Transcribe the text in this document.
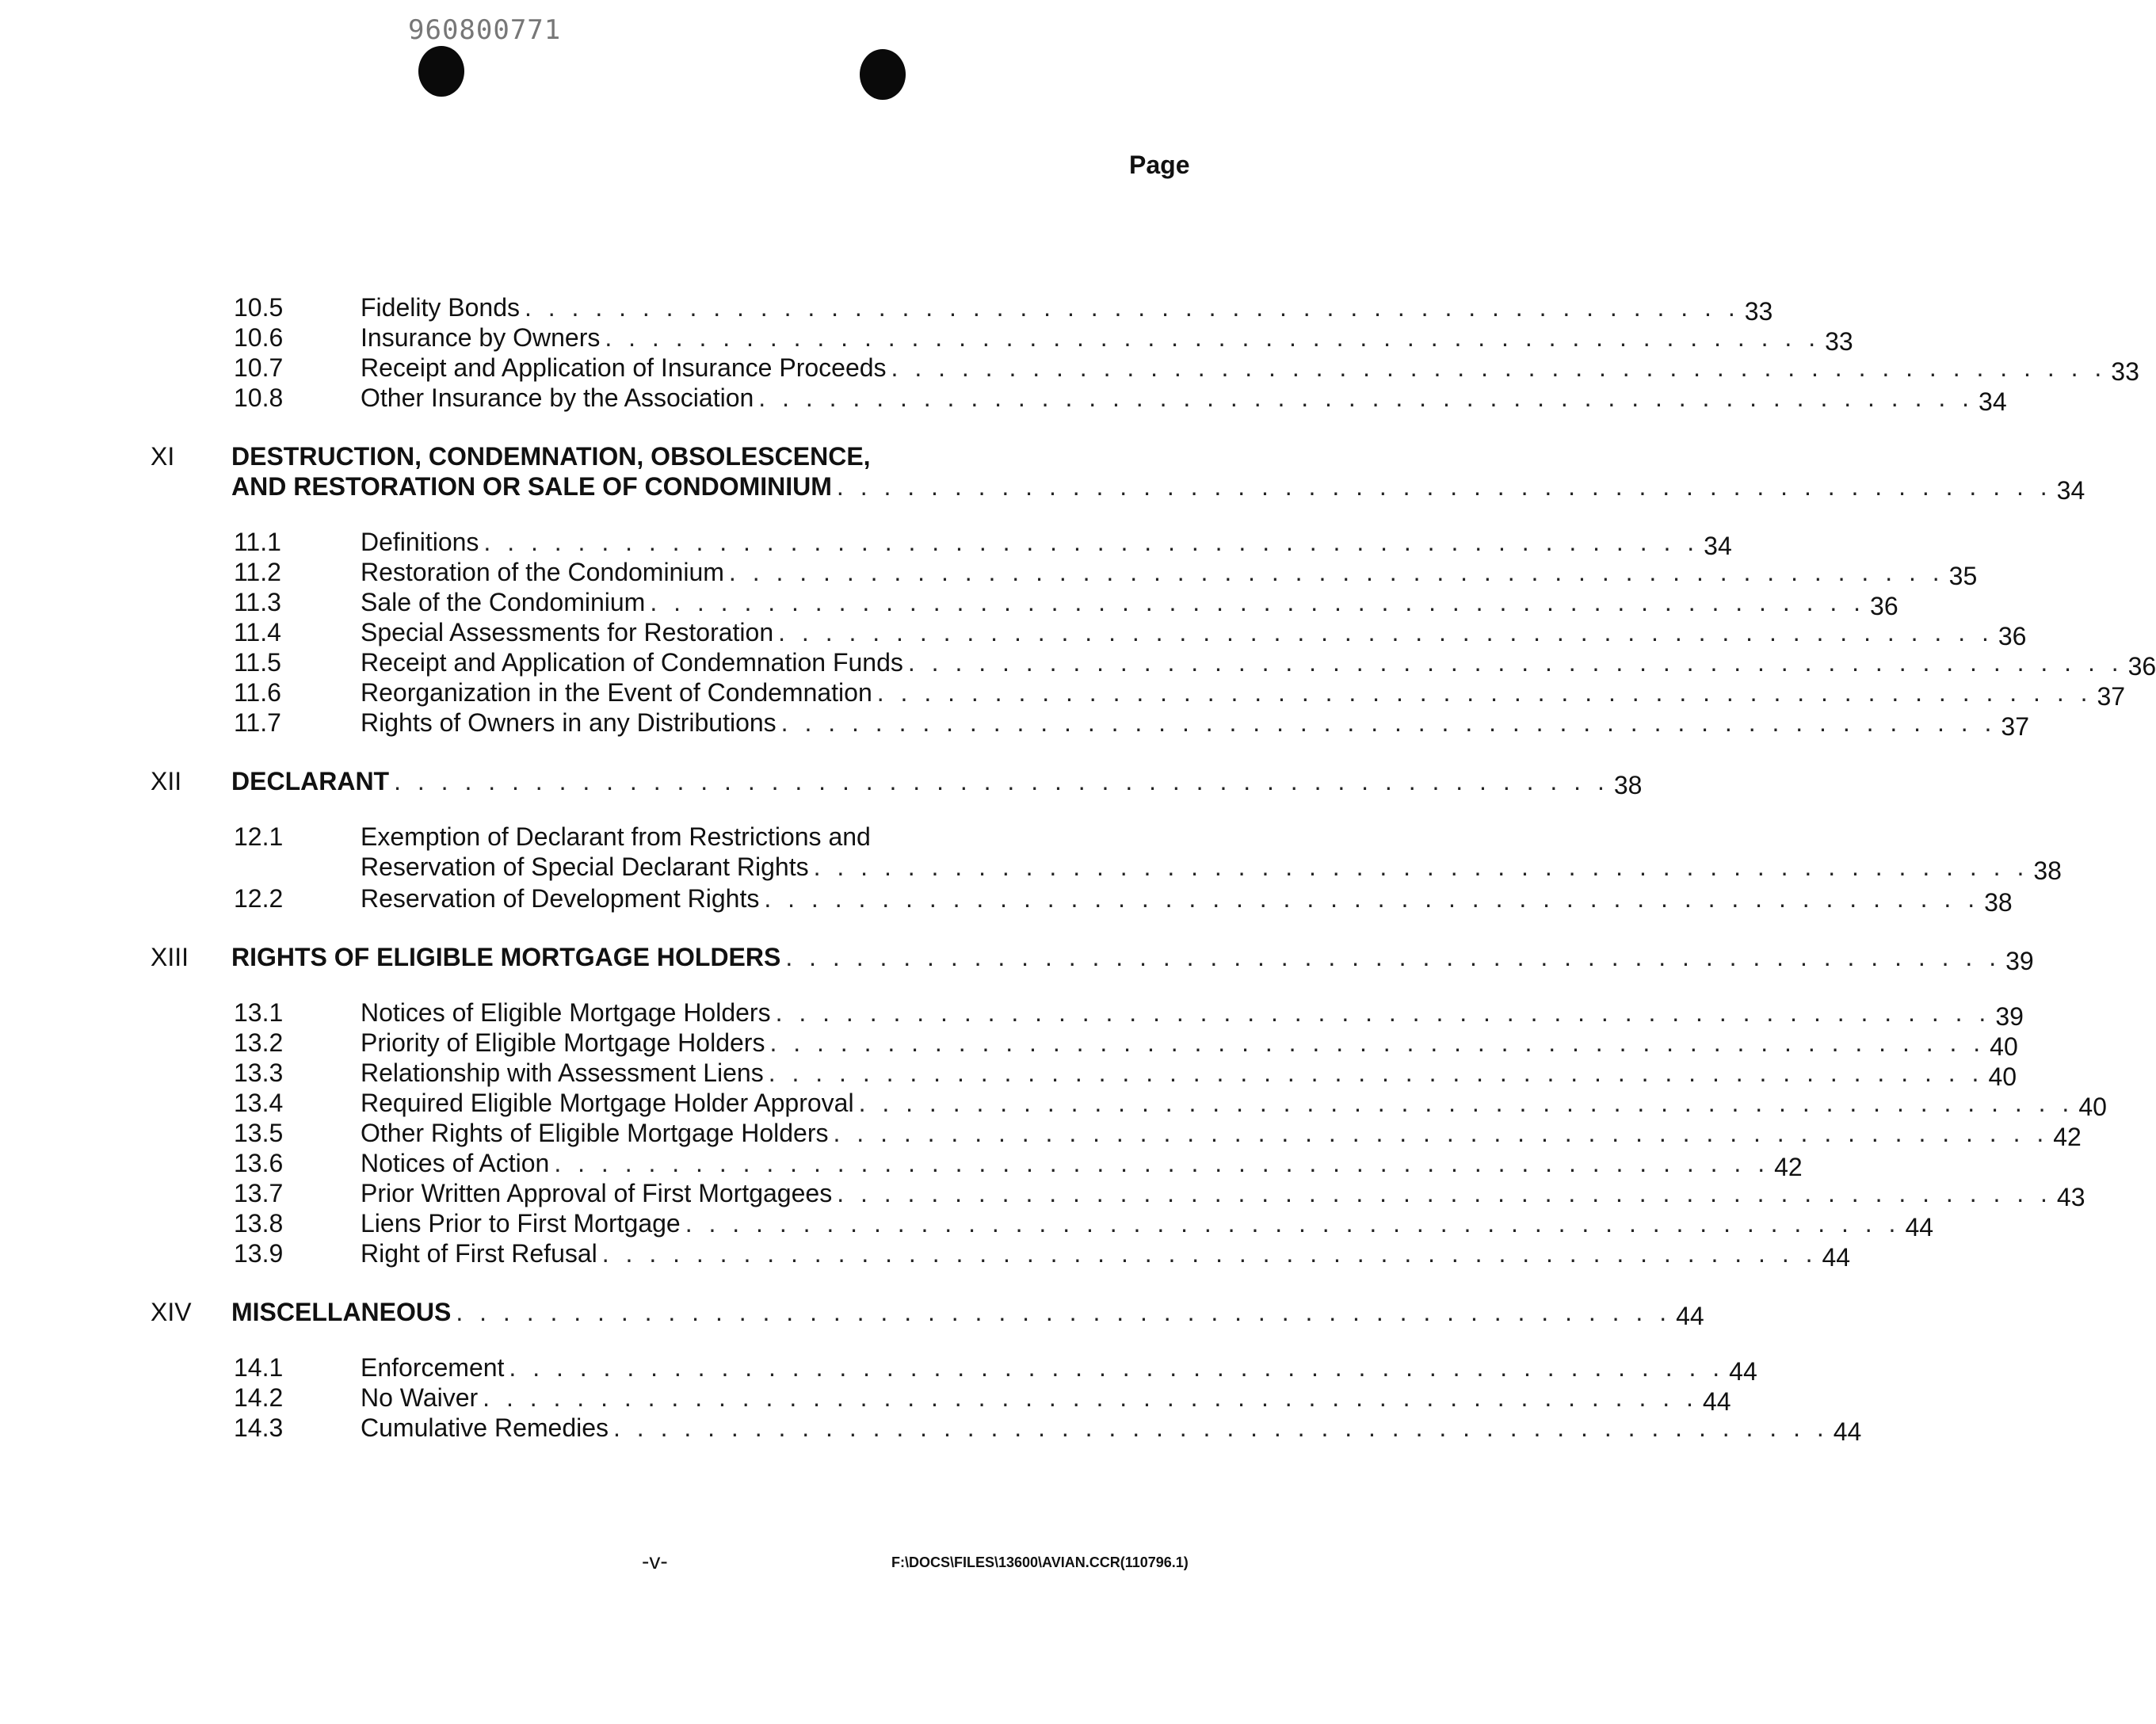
960800771
Page
10.5	Fidelity Bonds . . . . . . . . . . . . . . . . . . . . . . . . . . . . . . . . . . . . . . . . . . . . . . . . . . . . 33
10.6	Insurance by Owners . . . . . . . . . . . . . . . . . . . . . . . . . . . . . . . . . . . . . . . . . . . . . . . . . . . . 33
10.7	Receipt and Application of Insurance Proceeds . . . . . . . . . . . . . . . . . . . . . . . . . . . . . . . . . . . . . . . . . . . . . . . . . . . . 33
10.8	Other Insurance by the Association . . . . . . . . . . . . . . . . . . . . . . . . . . . . . . . . . . . . . . . . . . . . . . . . . . . . 34
XI DESTRUCTION, CONDEMNATION, OBSOLESCENCE,
AND RESTORATION OR SALE OF CONDOMINIUM . . . . . . . . . . . . . . . . . . . . . . . . . . . . . . . . . . . . . . . . . . . . . . . . . . . . 34
11.1	Definitions . . . . . . . . . . . . . . . . . . . . . . . . . . . . . . . . . . . . . . . . . . . . . . . . . . . . 34
11.2	Restoration of the Condominium . . . . . . . . . . . . . . . . . . . . . . . . . . . . . . . . . . . . . . . . . . . . . . . . . . . . 35
11.3	Sale of the Condominium . . . . . . . . . . . . . . . . . . . . . . . . . . . . . . . . . . . . . . . . . . . . . . . . . . . . 36
11.4	Special Assessments for Restoration . . . . . . . . . . . . . . . . . . . . . . . . . . . . . . . . . . . . . . . . . . . . . . . . . . . . 36
11.5	Receipt and Application of Condemnation Funds . . . . . . . . . . . . . . . . . . . . . . . . . . . . . . . . . . . . . . . . . . . . . . . . . . . . 36
11.6	Reorganization in the Event of Condemnation . . . . . . . . . . . . . . . . . . . . . . . . . . . . . . . . . . . . . . . . . . . . . . . . . . . . 37
11.7	Rights of Owners in any Distributions . . . . . . . . . . . . . . . . . . . . . . . . . . . . . . . . . . . . . . . . . . . . . . . . . . . . 37
XII DECLARANT . . . . . . . . . . . . . . . . . . . . . . . . . . . . . . . . . . . . . . . . . . . . . . . . . . . . 38
12.1	Exemption of Declarant from Restrictions and
Reservation of Special Declarant Rights . . . . . . . . . . . . . . . . . . . . . . . . . . . . . . . . . . . . . . . . . . . . . . . . . . . . 38
12.2	Reservation of Development Rights . . . . . . . . . . . . . . . . . . . . . . . . . . . . . . . . . . . . . . . . . . . . . . . . . . . . 38
XIII RIGHTS OF ELIGIBLE MORTGAGE HOLDERS . . . . . . . . . . . . . . . . . . . . . . . . . . . . . . . . . . . . . . . . . . . . . . . . . . . . 39
13.1	Notices of Eligible Mortgage Holders . . . . . . . . . . . . . . . . . . . . . . . . . . . . . . . . . . . . . . . . . . . . . . . . . . . . 39
13.2	Priority of Eligible Mortgage Holders . . . . . . . . . . . . . . . . . . . . . . . . . . . . . . . . . . . . . . . . . . . . . . . . . . . . 40
13.3	Relationship with Assessment Liens . . . . . . . . . . . . . . . . . . . . . . . . . . . . . . . . . . . . . . . . . . . . . . . . . . . . 40
13.4	Required Eligible Mortgage Holder Approval . . . . . . . . . . . . . . . . . . . . . . . . . . . . . . . . . . . . . . . . . . . . . . . . . . . . 40
13.5	Other Rights of Eligible Mortgage Holders . . . . . . . . . . . . . . . . . . . . . . . . . . . . . . . . . . . . . . . . . . . . . . . . . . . . 42
13.6	Notices of Action . . . . . . . . . . . . . . . . . . . . . . . . . . . . . . . . . . . . . . . . . . . . . . . . . . . . 42
13.7	Prior Written Approval of First Mortgagees . . . . . . . . . . . . . . . . . . . . . . . . . . . . . . . . . . . . . . . . . . . . . . . . . . . . 43
13.8	Liens Prior to First Mortgage . . . . . . . . . . . . . . . . . . . . . . . . . . . . . . . . . . . . . . . . . . . . . . . . . . . . 44
13.9	Right of First Refusal . . . . . . . . . . . . . . . . . . . . . . . . . . . . . . . . . . . . . . . . . . . . . . . . . . . . 44
XIV MISCELLANEOUS . . . . . . . . . . . . . . . . . . . . . . . . . . . . . . . . . . . . . . . . . . . . . . . . . . . . 44
14.1	Enforcement . . . . . . . . . . . . . . . . . . . . . . . . . . . . . . . . . . . . . . . . . . . . . . . . . . . . 44
14.2	No Waiver . . . . . . . . . . . . . . . . . . . . . . . . . . . . . . . . . . . . . . . . . . . . . . . . . . . . 44
14.3	Cumulative Remedies . . . . . . . . . . . . . . . . . . . . . . . . . . . . . . . . . . . . . . . . . . . . . . . . . . . . 44
-v-	F:\DOCS\FILES\13600\AVIAN.CCR(110796.1)
